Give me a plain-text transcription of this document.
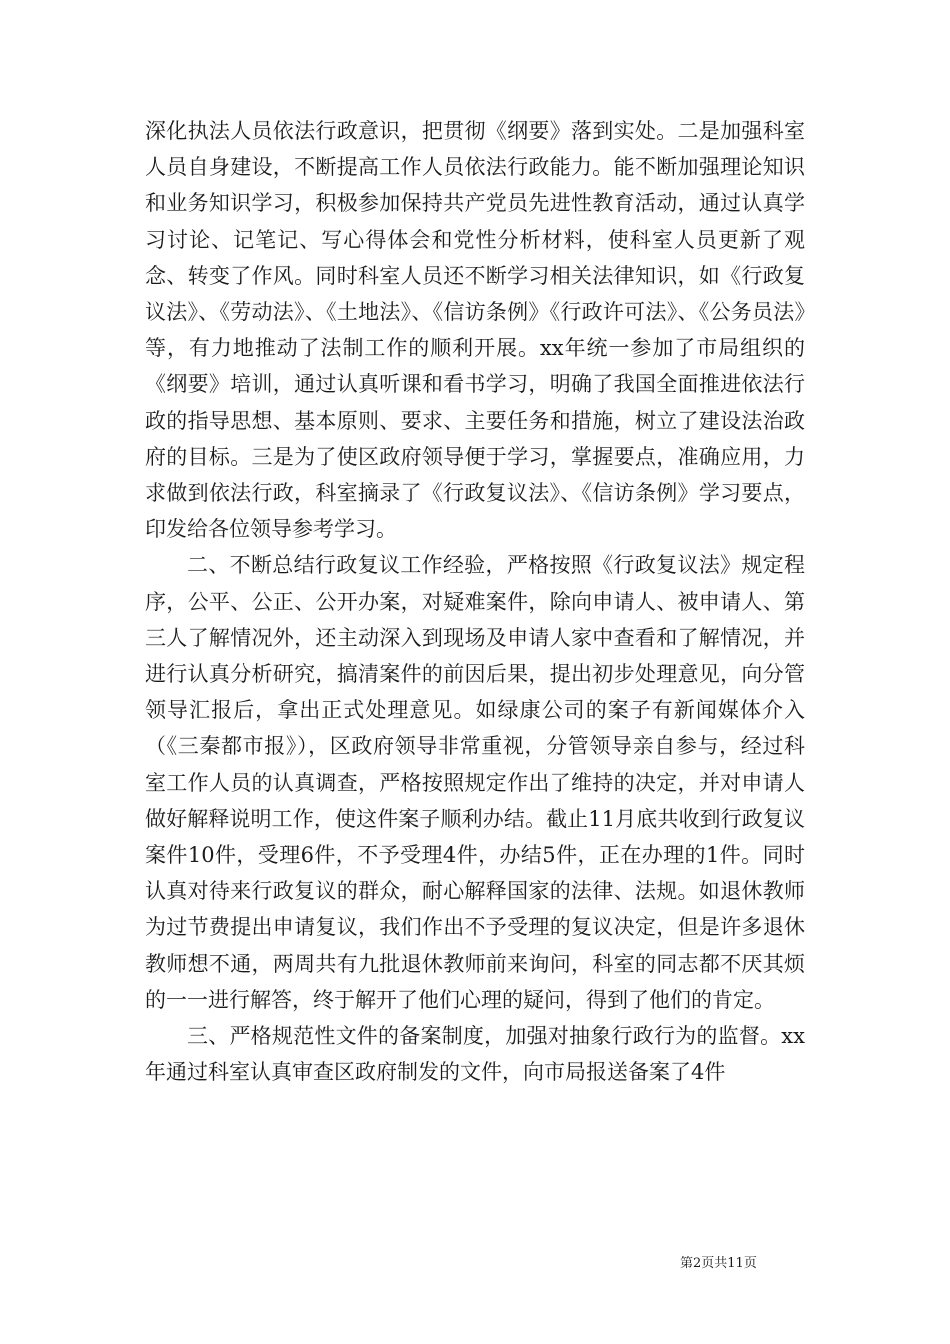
深化执法人员依法行政意识，把贯彻《纲要》落到实处。二是加强科室人员自身建设，不断提高工作人员依法行政能力。能不断加强理论知识和业务知识学习，积极参加保持共产党员先进性教育活动，通过认真学习讨论、记笔记、写心得体会和党性分析材料，使科室人员更新了观念、转变了作风。同时科室人员还不断学习相关法律知识，如《行政复议法》、《劳动法》、《土地法》、《信访条例》《行政许可法》、《公务员法》等，有力地推动了法制工作的顺利开展。xx年统一参加了市局组织的《纲要》培训，通过认真听课和看书学习，明确了我国全面推进依法行政的指导思想、基本原则、要求、主要任务和措施，树立了建设法治政府的目标。三是为了使区政府领导便于学习，掌握要点，准确应用，力求做到依法行政，科室摘录了《行政复议法》、《信访条例》学习要点，印发给各位领导参考学习。

二、不断总结行政复议工作经验，严格按照《行政复议法》规定程序，公平、公正、公开办案，对疑难案件，除向申请人、被申请人、第三人了解情况外，还主动深入到现场及申请人家中查看和了解情况，并进行认真分析研究，搞清案件的前因后果，提出初步处理意见，向分管领导汇报后，拿出正式处理意见。如绿康公司的案子有新闻媒体介入（《三秦都市报》），区政府领导非常重视，分管领导亲自参与，经过科室工作人员的认真调查，严格按照规定作出了维持的决定，并对申请人做好解释说明工作，使这件案子顺利办结。截止11月底共收到行政复议案件10件，受理6件，不予受理4件，办结5件，正在办理的1件。同时认真对待来行政复议的群众，耐心解释国家的法律、法规。如退休教师为过节费提出申请复议，我们作出不予受理的复议决定，但是许多退休教师想不通，两周共有九批退休教师前来询问，科室的同志都不厌其烦的一一进行解答，终于解开了他们心理的疑问，得到了他们的肯定。

三、严格规范性文件的备案制度，加强对抽象行政行为的监督。xx年通过科室认真审查区政府制发的文件，向市局报送备案了4件

第2页共11页
